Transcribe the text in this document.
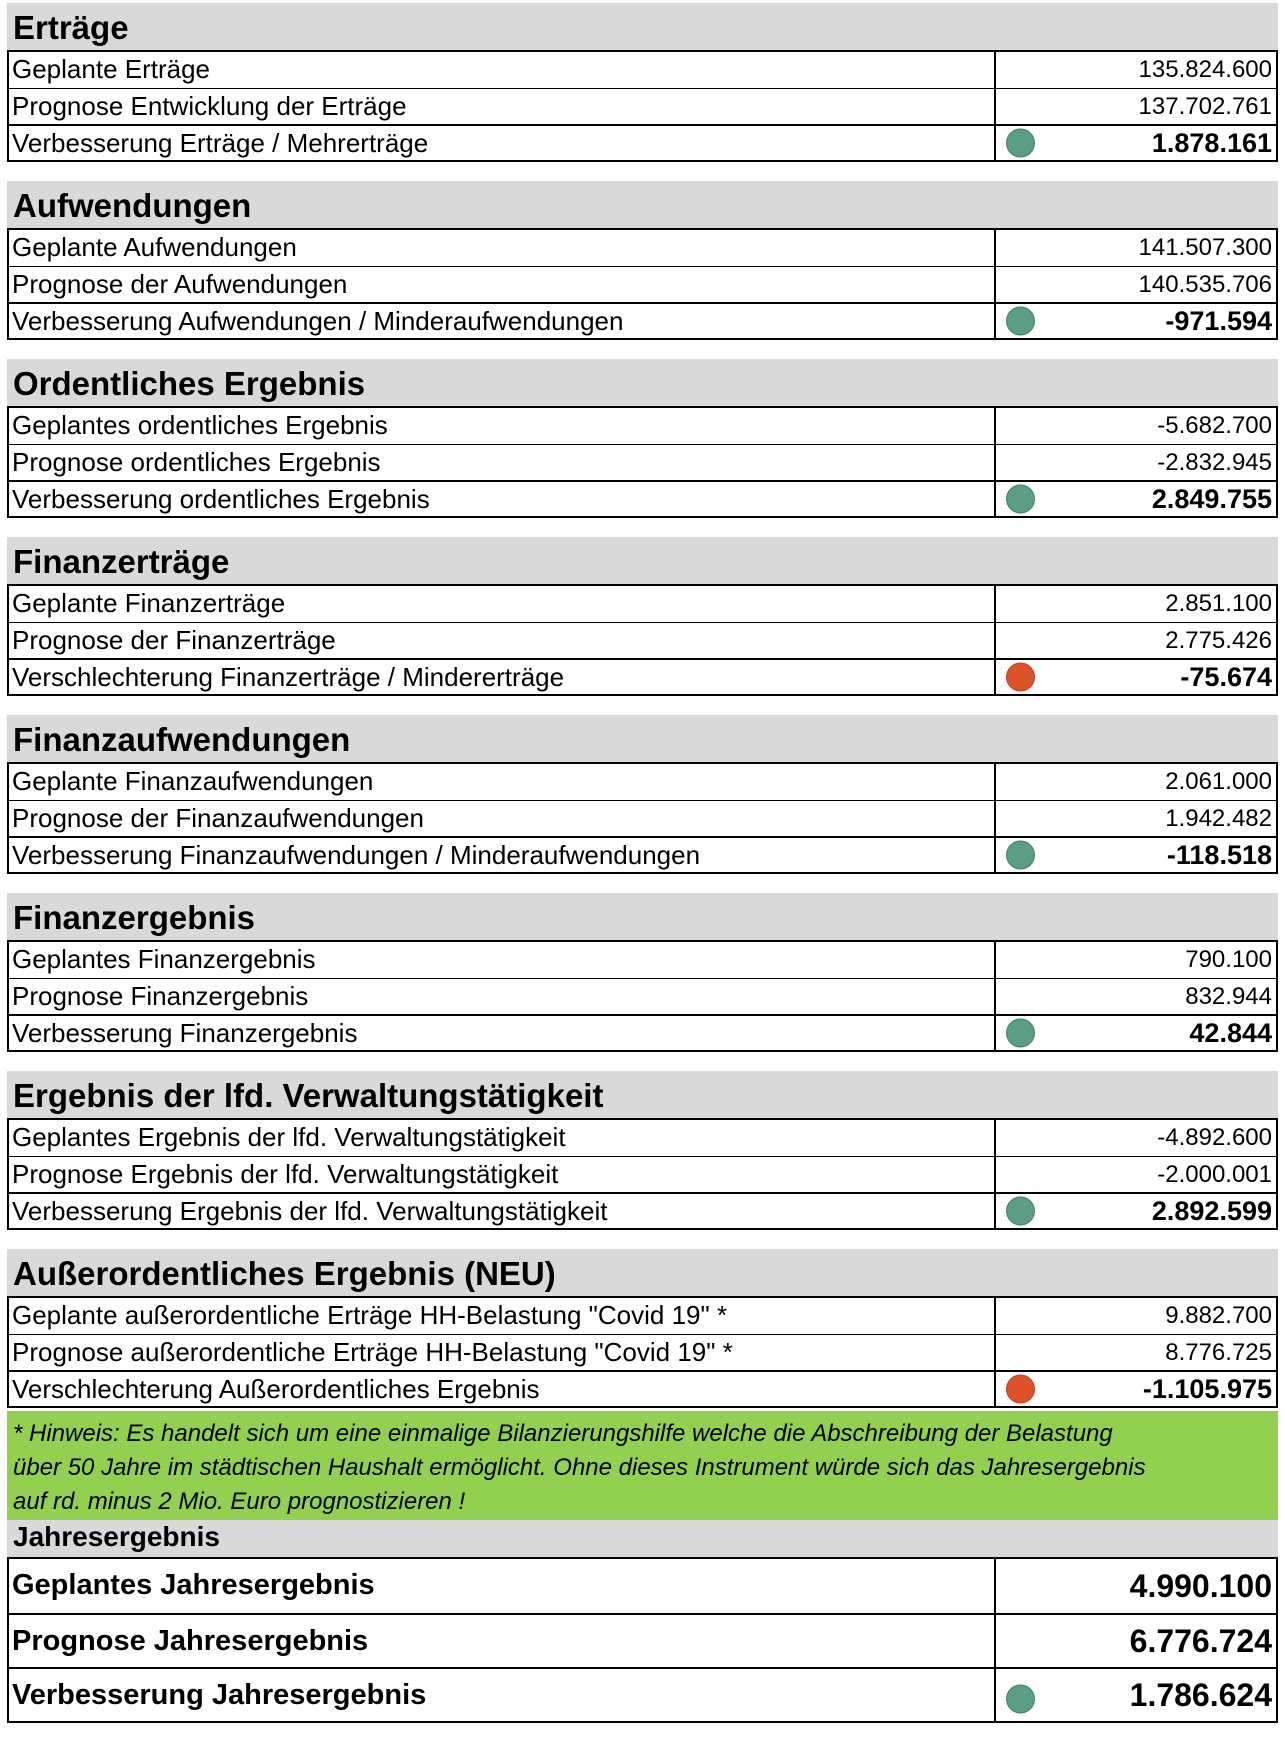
Erträge
Geplante Erträge	135.824.600
Prognose Entwicklung der Erträge	137.702.761
Verbesserung Erträge / Mehrerträge	1.878.161
Aufwendungen
Geplante Aufwendungen	141.507.300
Prognose der Aufwendungen	140.535.706
Verbesserung Aufwendungen / Minderaufwendungen	-971.594
Ordentliches Ergebnis
Geplantes ordentliches Ergebnis	-5.682.700
Prognose ordentliches Ergebnis	-2.832.945
Verbesserung ordentliches Ergebnis	2.849.755
Finanzerträge
Geplante Finanzerträge	2.851.100
Prognose der Finanzerträge	2.775.426
Verschlechterung Finanzerträge / Mindererträge	-75.674
Finanzaufwendungen
Geplante Finanzaufwendungen	2.061.000
Prognose der Finanzaufwendungen	1.942.482
Verbesserung Finanzaufwendungen / Minderaufwendungen	-118.518
Finanzergebnis
Geplantes Finanzergebnis	790.100
Prognose Finanzergebnis	832.944
Verbesserung Finanzergebnis	42.844
Ergebnis der lfd. Verwaltungstätigkeit
Geplantes Ergebnis der lfd. Verwaltungstätigkeit	-4.892.600
Prognose Ergebnis der lfd. Verwaltungstätigkeit	-2.000.001
Verbesserung Ergebnis der lfd. Verwaltungstätigkeit	2.892.599
Außerordentliches Ergebnis (NEU)
Geplante außerordentliche Erträge HH-Belastung "Covid 19" *	9.882.700
Prognose außerordentliche Erträge HH-Belastung "Covid 19" *	8.776.725
Verschlechterung Außerordentliches Ergebnis	-1.105.975
* Hinweis: Es handelt sich um eine einmalige Bilanzierungshilfe welche die Abschreibung der Belastung
über 50 Jahre im städtischen Haushalt ermöglicht. Ohne dieses Instrument würde sich das Jahresergebnis
auf rd. minus 2 Mio. Euro prognostizieren !
Jahresergebnis
Geplantes Jahresergebnis	4.990.100
Prognose Jahresergebnis	6.776.724
Verbesserung Jahresergebnis	1.786.624
